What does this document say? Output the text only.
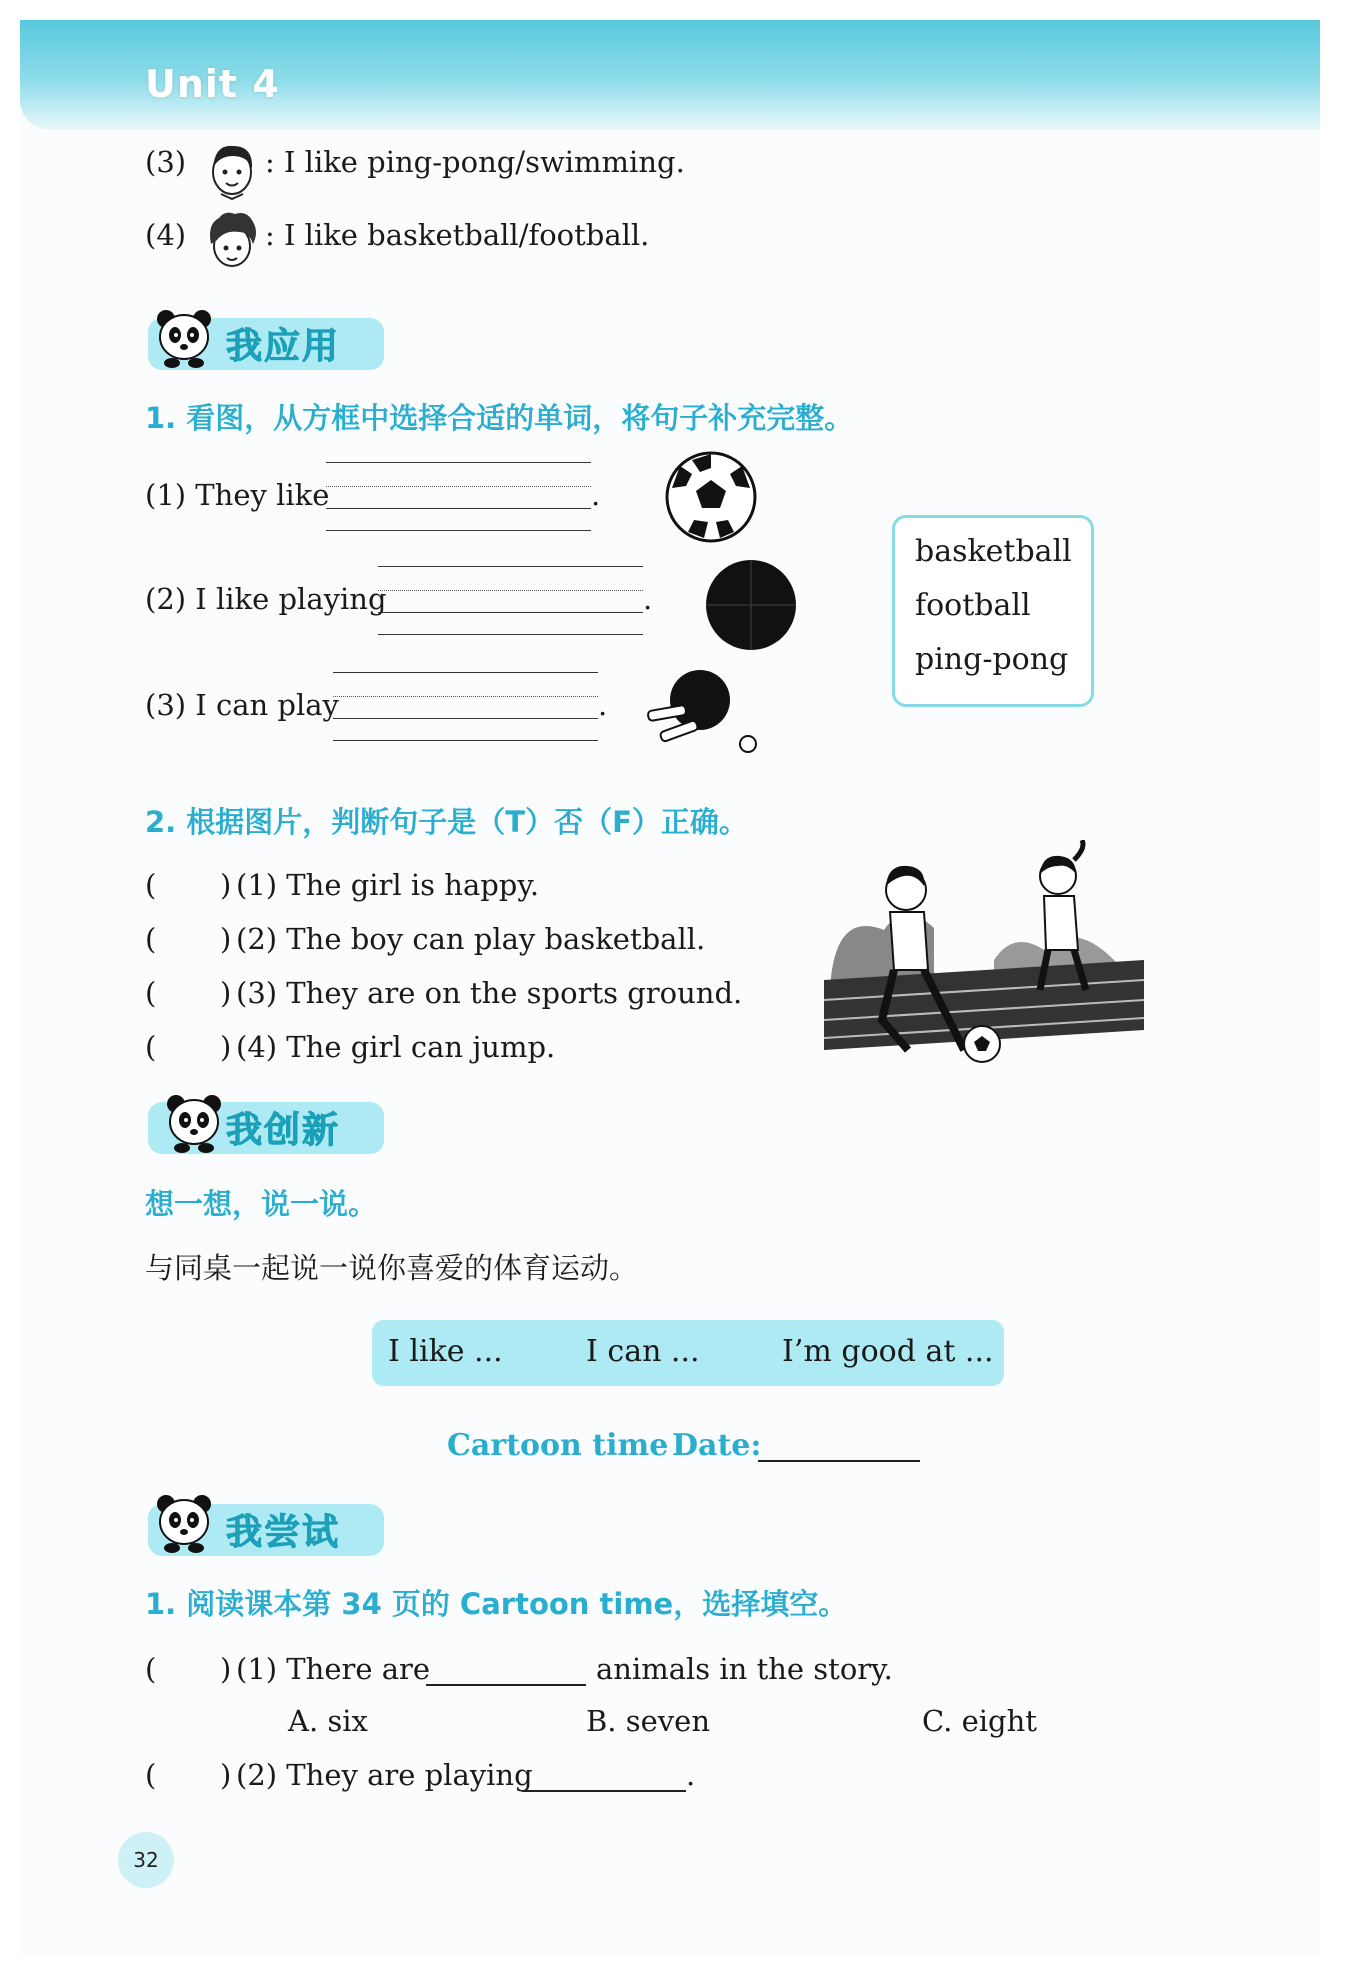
Unit 4
(3)	: I like ping-pong/swimming.
(4)	: I like basketball/football.
我应用
1. 看图，从方框中选择合适的单词，将句子补充完整。
(1) They like	.
(2) I like playing	.
(3) I can play	.
basketball
football
ping-pong
2. 根据图片，判断句子是（T）否（F）正确。
( ) (1) The girl is happy.
( ) (2) The boy can play basketball.
( ) (3) They are on the sports ground.
( ) (4) The girl can jump.
我创新
想一想，说一说。
与同桌一起说一说你喜爱的体育运动。
I like ...	I can ...	I’m good at ...
Cartoon time Date:
我尝试
1. 阅读课本第 34 页的 Cartoon time，选择填空。
( ) (1) There are	animals in the story.
A. six	B. seven	C. eight
( ) (2) They are playing	.
32
